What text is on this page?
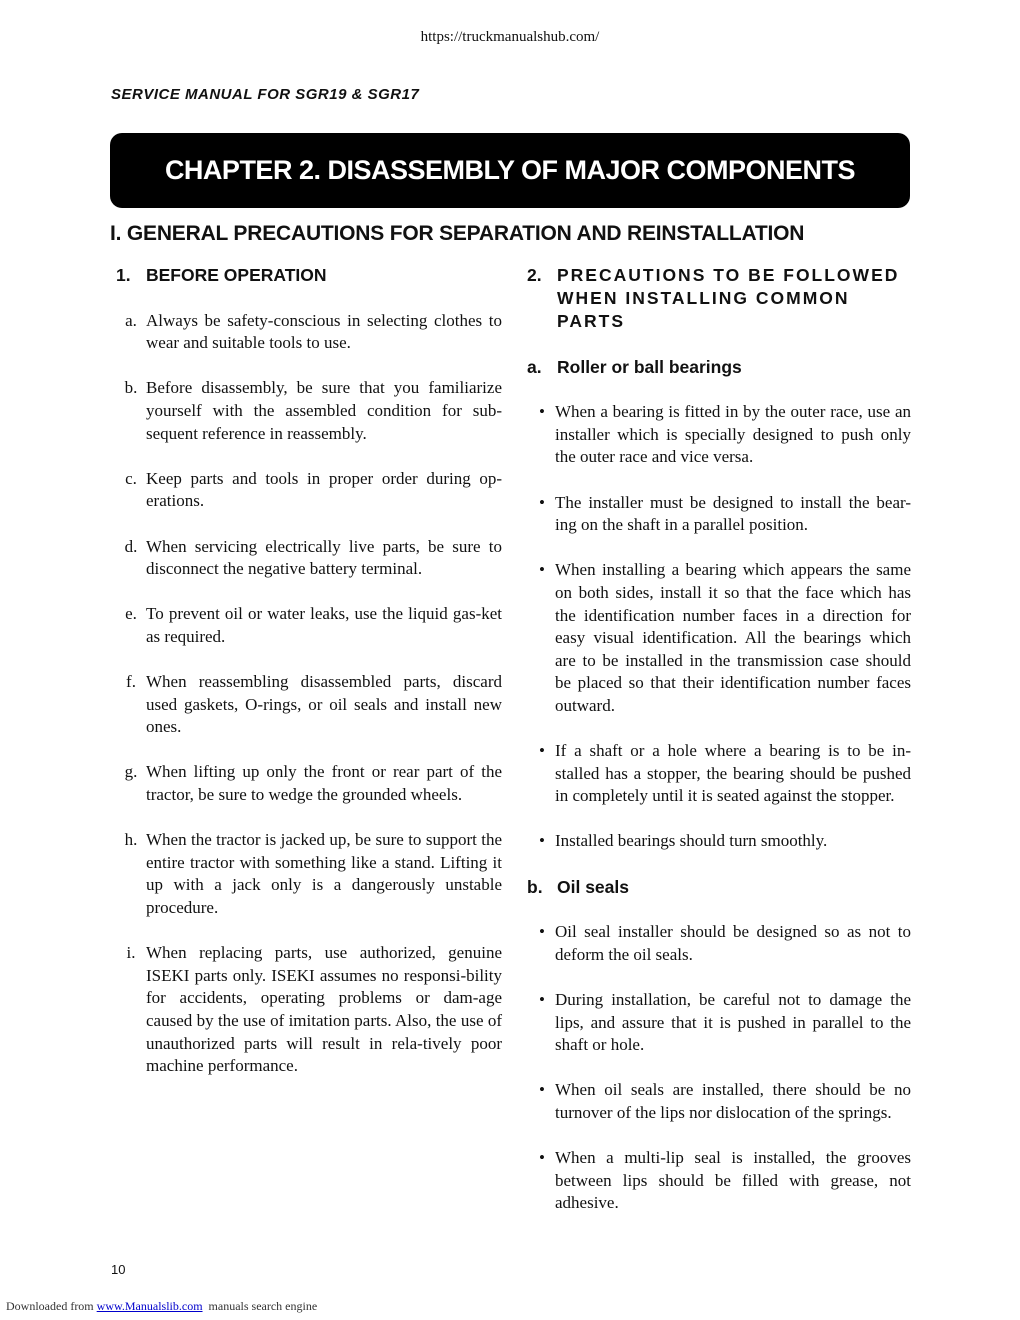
https://truckmanualshub.com/
SERVICE MANUAL FOR SGR19 & SGR17
CHAPTER 2. DISASSEMBLY OF MAJOR COMPONENTS
I. GENERAL PRECAUTIONS FOR SEPARATION AND REINSTALLATION
1. BEFORE OPERATION
a. Always be safety-conscious in selecting clothes to wear and suitable tools to use.
b. Before disassembly, be sure that you familiarize yourself with the assembled condition for sub-sequent reference in reassembly.
c. Keep parts and tools in proper order during op-erations.
d. When servicing electrically live parts, be sure to disconnect the negative battery terminal.
e. To prevent oil or water leaks, use the liquid gas-ket as required.
f. When reassembling disassembled parts, discard used gaskets, O-rings, or oil seals and install new ones.
g. When lifting up only the front or rear part of the tractor, be sure to wedge the grounded wheels.
h. When the tractor is jacked up, be sure to support the entire tractor with something like a stand. Lifting it up with a jack only is a dangerously unstable procedure.
i. When replacing parts, use authorized, genuine ISEKI parts only. ISEKI assumes no responsi-bility for accidents, operating problems or dam-age caused by the use of imitation parts. Also, the use of unauthorized parts will result in rela-tively poor machine performance.
2. PRECAUTIONS TO BE FOLLOWED WHEN INSTALLING COMMON PARTS
a. Roller or ball bearings
• When a bearing is fitted in by the outer race, use an installer which is specially designed to push only the outer race and vice versa.
• The installer must be designed to install the bear-ing on the shaft in a parallel position.
• When installing a bearing which appears the same on both sides, install it so that the face which has the identification number faces in a direction for easy visual identification. All the bearings which are to be installed in the transmission case should be placed so that their identification number faces outward.
• If a shaft or a hole where a bearing is to be in-stalled has a stopper, the bearing should be pushed in completely until it is seated against the stopper.
• Installed bearings should turn smoothly.
b. Oil seals
• Oil seal installer should be designed so as not to deform the oil seals.
• During installation, be careful not to damage the lips, and assure that it is pushed in parallel to the shaft or hole.
• When oil seals are installed, there should be no turnover of the lips nor dislocation of the springs.
• When a multi-lip seal is installed, the grooves between lips should be filled with grease, not adhesive.
10
Downloaded from www.Manualslib.com manuals search engine
